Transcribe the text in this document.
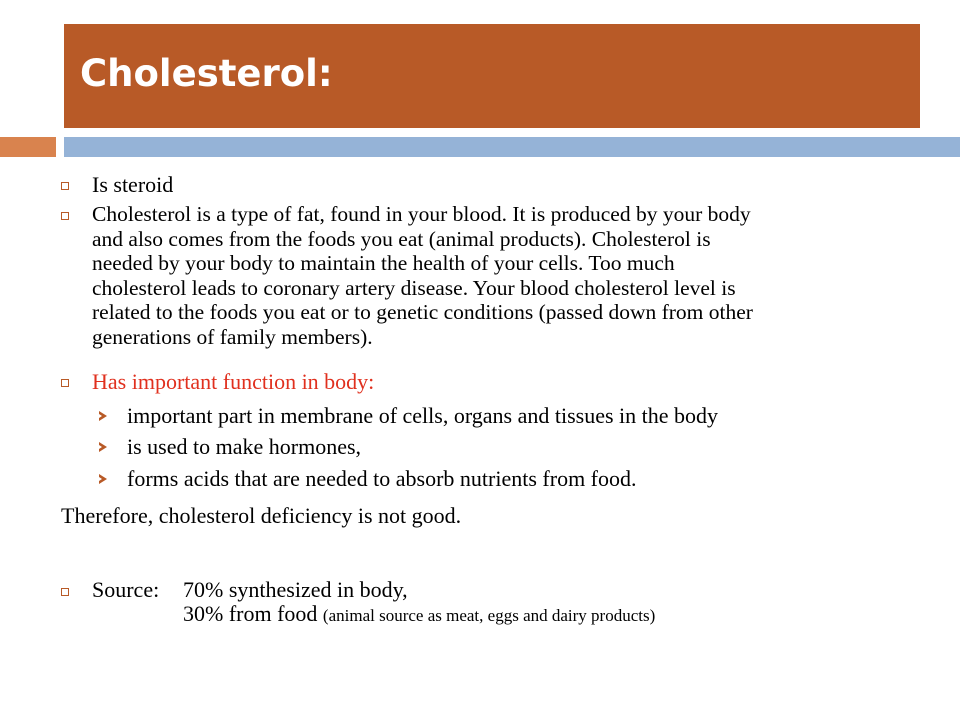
Cholesterol:
Is steroid
Cholesterol is a type of fat, found in your blood. It is produced by your body
and also comes from the foods you eat (animal products). Cholesterol is
needed by your body to maintain the health of your cells. Too much
cholesterol leads to coronary artery disease. Your blood cholesterol level is
related to the foods you eat or to genetic conditions (passed down from other
generations of family members).
Has important function in body:
important part in membrane of cells, organs and tissues in the body
is used to make hormones,
forms acids that are needed to absorb nutrients from food.
Therefore, cholesterol deficiency is not good.
Source: 70% synthesized in body,
30% from food (animal source as meat, eggs and dairy products)
